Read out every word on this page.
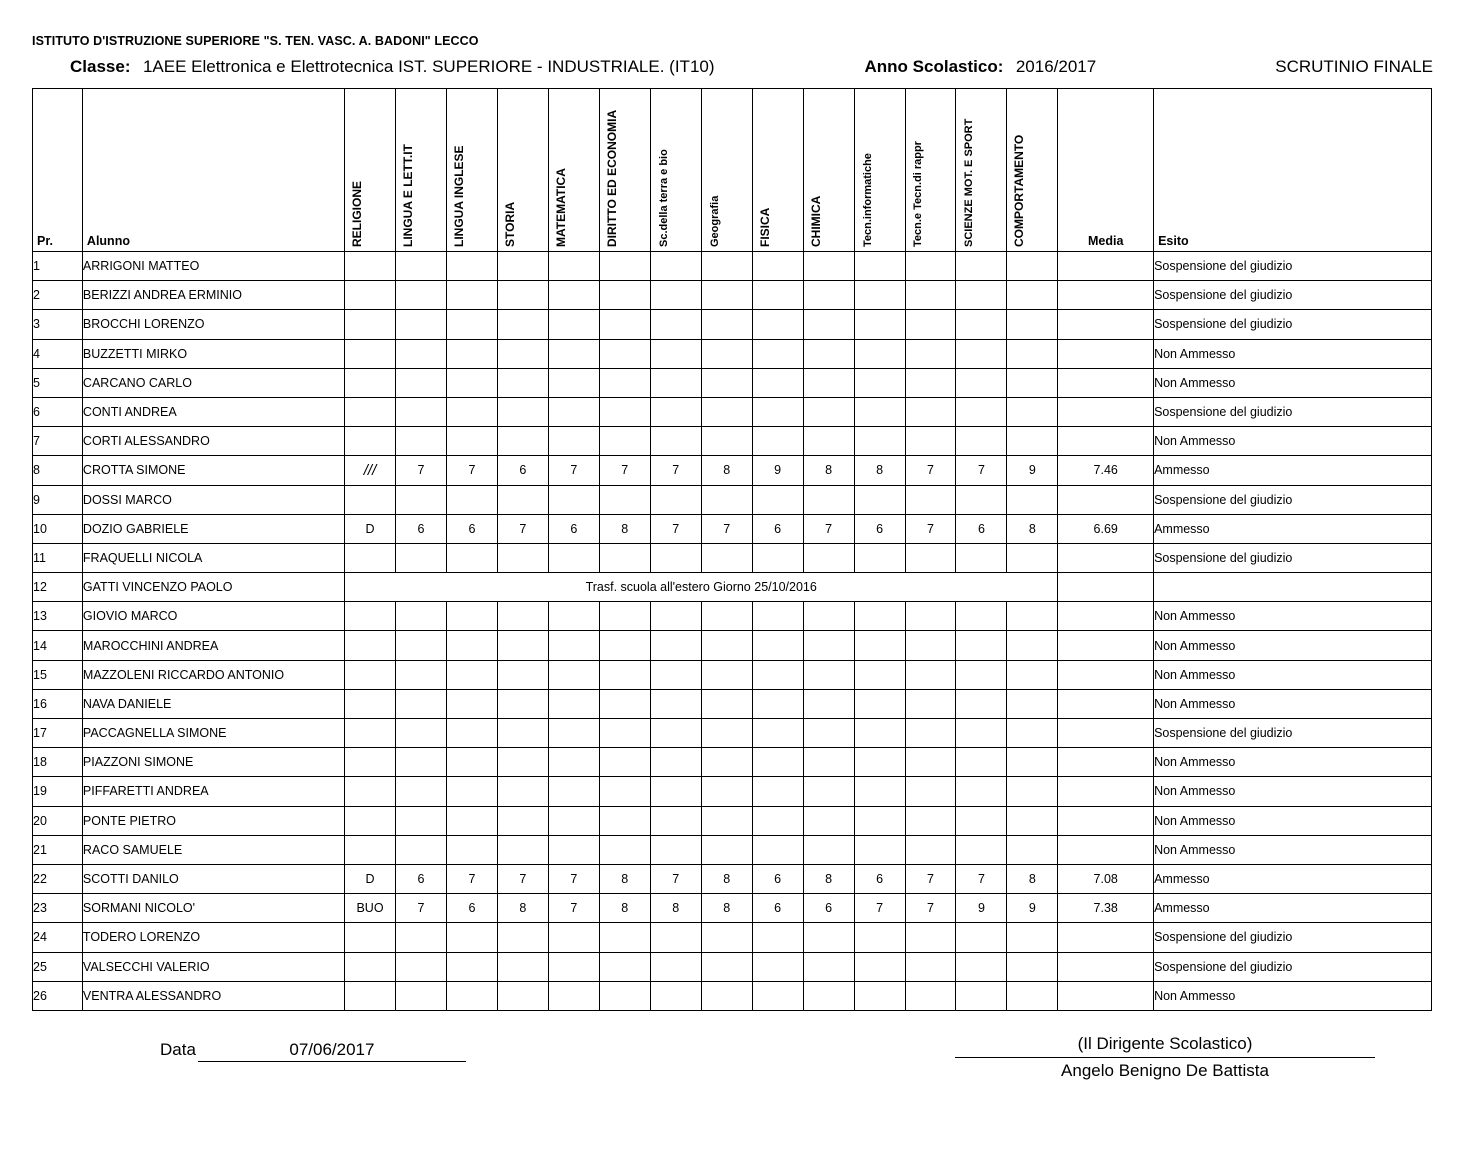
ISTITUTO D'ISTRUZIONE SUPERIORE "S. TEN. VASC. A. BADONI" LECCO
Classe: 1AEE Elettronica e Elettrotecnica IST. SUPERIORE - INDUSTRIALE. (IT10)	Anno Scolastico: 2016/2017	SCRUTINIO FINALE
Pr.	Alunno	RELIGIONE	LINGUA E LETT.IT	LINGUA INGLESE	STORIA	MATEMATICA	DIRITTO ED ECONOMIA	Sc.della terra e bio	Geografia	FISICA	CHIMICA	Tecn.informatiche	Tecn.e Tecn.di rappr	SCIENZE MOT. E SPORT	COMPORTAMENTO	Media	Esito

1	ARRIGONI MATTEO																Sospensione del giudizio
2	BERIZZI ANDREA ERMINIO																Sospensione del giudizio
3	BROCCHI LORENZO																Sospensione del giudizio
4	BUZZETTI MIRKO																Non Ammesso
5	CARCANO CARLO																Non Ammesso
6	CONTI ANDREA																Sospensione del giudizio
7	CORTI ALESSANDRO																Non Ammesso
8	CROTTA SIMONE	///	7	7	6	7	7	7	8	9	8	8	7	7	9	7.46	Ammesso
9	DOSSI MARCO																Sospensione del giudizio
10	DOZIO GABRIELE	D	6	6	7	6	8	7	7	6	7	6	7	6	8	6.69	Ammesso
11	FRAQUELLI NICOLA																Sospensione del giudizio
12	GATTI VINCENZO PAOLO	Trasf. scuola all'estero Giorno 25/10/2016															
13	GIOVIO MARCO																Non Ammesso
14	MAROCCHINI ANDREA																Non Ammesso
15	MAZZOLENI RICCARDO ANTONIO																Non Ammesso
16	NAVA DANIELE																Non Ammesso
17	PACCAGNELLA SIMONE																Sospensione del giudizio
18	PIAZZONI SIMONE																Non Ammesso
19	PIFFARETTI ANDREA																Non Ammesso
20	PONTE PIETRO																Non Ammesso
21	RACO SAMUELE																Non Ammesso
22	SCOTTI DANILO	D	6	7	7	7	8	7	8	6	8	6	7	7	8	7.08	Ammesso
23	SORMANI NICOLO'	BUO	7	6	8	7	8	8	8	6	6	7	7	9	9	7.38	Ammesso
24	TODERO LORENZO																Sospensione del giudizio
25	VALSECCHI VALERIO																Sospensione del giudizio
26	VENTRA ALESSANDRO																Non Ammesso
Data	07/06/2017	(Il Dirigente Scolastico)
Angelo Benigno De Battista
